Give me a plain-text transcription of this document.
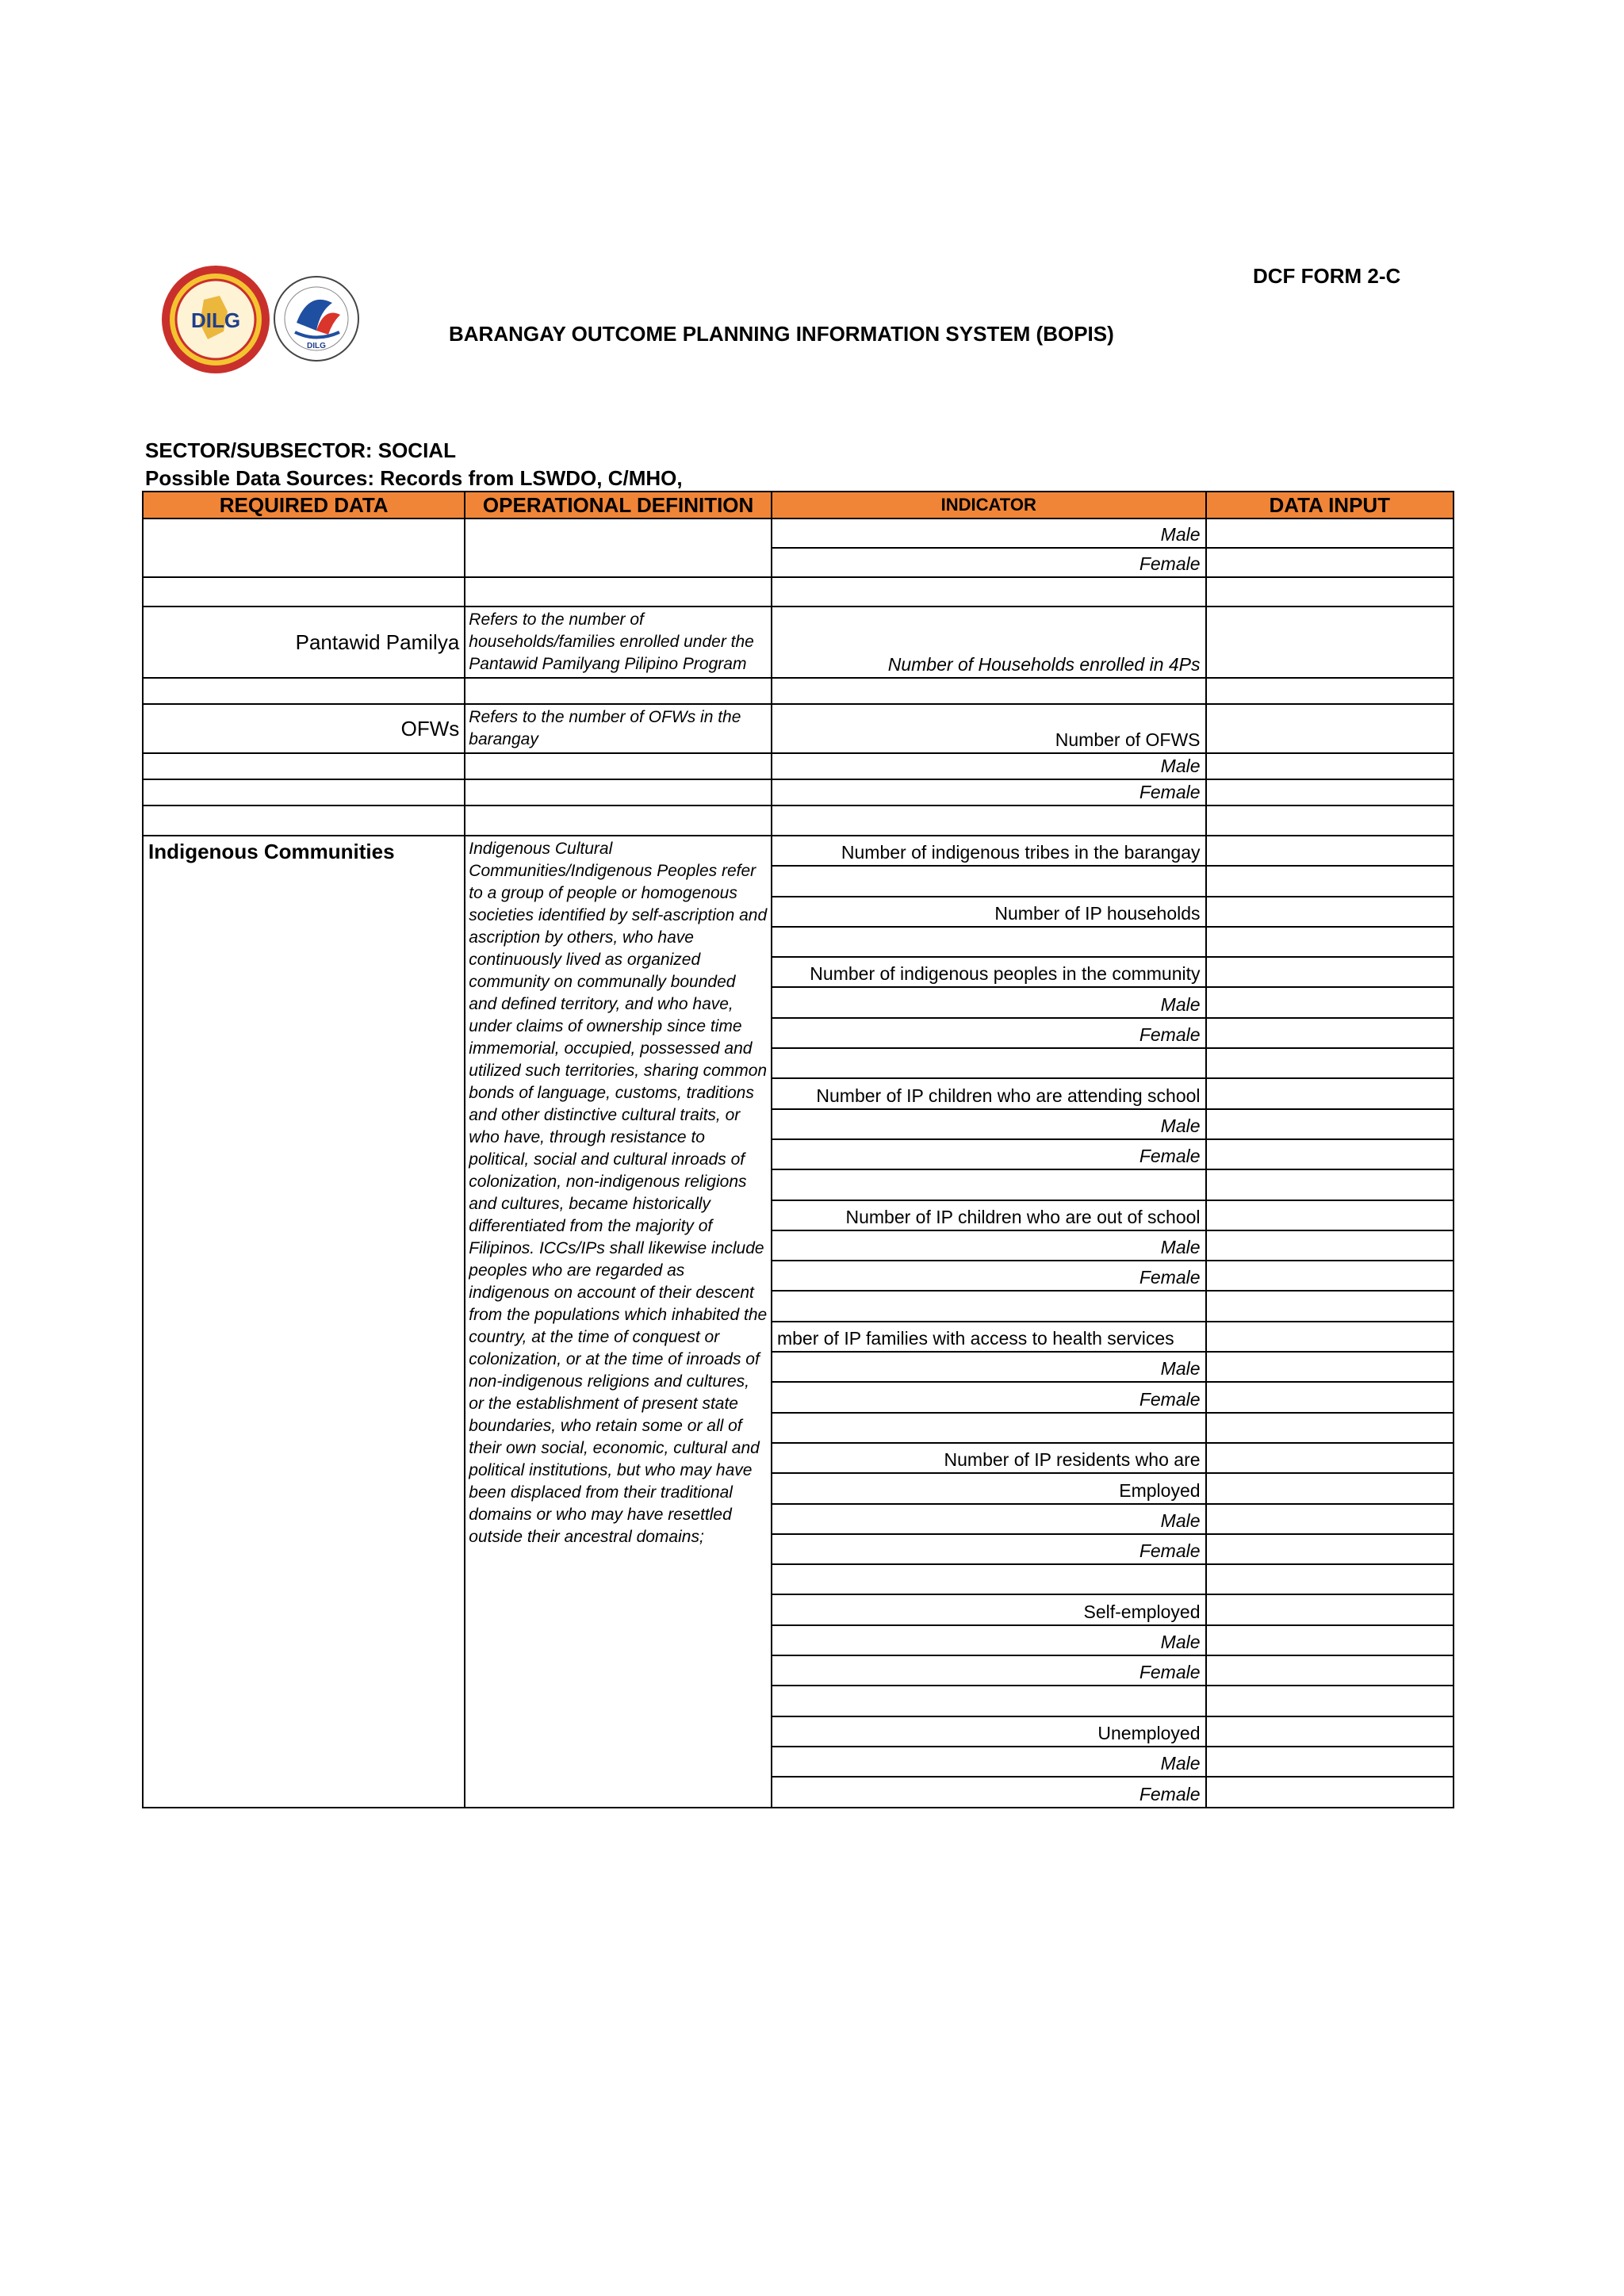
DILG
DILG
DCF FORM 2-C
BARANGAY OUTCOME PLANNING INFORMATION SYSTEM (BOPIS)
SECTOR/SUBSECTOR: SOCIAL
Possible Data Sources: Records from LSWDO, C/MHO,
REQUIRED DATA	OPERATIONAL DEFINITION	INDICATOR	DATA INPUT
		Male	
		Female	

Pantawid Pamilya	Refers to the number of households/families enrolled under the Pantawid Pamilyang Pilipino Program	Number of Households enrolled in 4Ps	

OFWs	Refers to the number of OFWs in the barangay	Number of OFWS	
		Male	
		Female	

Indigenous Communities	Indigenous Cultural Communities/Indigenous Peoples refer to a group of people or homogenous societies identified by self-ascription and ascription by others, who have continuously lived as organized community on communally bounded and defined territory, and who have, under claims of ownership since time immemorial, occupied, possessed and utilized such territories, sharing common bonds of language, customs, traditions and other distinctive cultural traits, or who have, through resistance to political, social and cultural inroads of colonization, non-indigenous religions and cultures, became historically differentiated from the majority of Filipinos. ICCs/IPs shall likewise include peoples who are regarded as indigenous on account of their descent from the populations which inhabited the country, at the time of conquest or colonization, or at the time of inroads of non-indigenous religions and cultures, or the establishment of present state boundaries, who retain some or all of their own social, economic, cultural and political institutions, but who may have been displaced from their traditional domains or who may have resettled outside their ancestral domains;	Number of indigenous tribes in the barangay	

		Number of IP households	

		Number of indigenous peoples in the community	
		Male	
		Female	

		Number of IP children who are attending school	
		Male	
		Female	

		Number of IP children who are out of school	
		Male	
		Female	

		mber of IP families with access to health services	
		Male	
		Female	

		Number of IP residents who are	
		Employed	
		Male	
		Female	

		Self-employed	
		Male	
		Female	

		Unemployed	
		Male	
		Female	
